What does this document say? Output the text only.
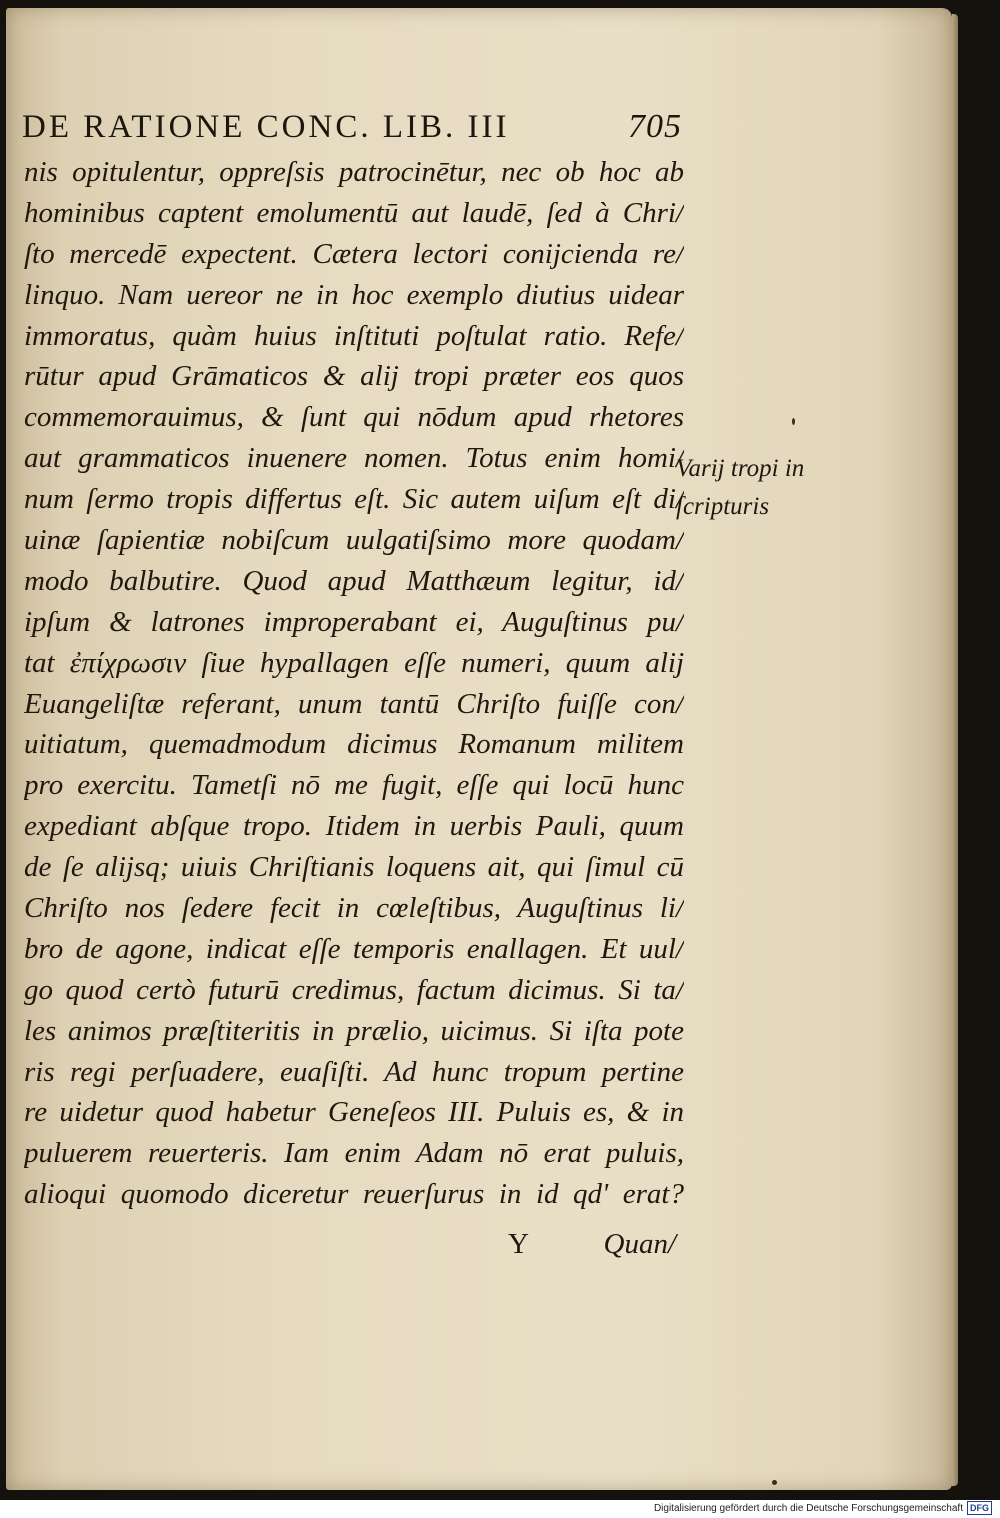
DE RATIONE CONC. LIB. III	705
nis opitulentur, oppreſsis patrocinētur, nec ob hoc ab
hominibus captent emolumentū aut laudē, ſed à Chri/
ſto mercedē expectent. Cætera lectori conijcienda re/
linquo. Nam uereor ne in hoc exemplo diutius uidear
immoratus, quàm huius inſtituti poſtulat ratio. Refe/
rūtur apud Grāmaticos & alij tropi præter eos quos
commemorauimus, & ſunt qui nōdum apud rhetores
aut grammaticos inuenere nomen. Totus enim homi/
num ſermo tropis differtus eſt. Sic autem uiſum eſt di/
uinæ ſapientiæ nobiſcum uulgatiſsimo more quodam/
modo balbutire. Quod apud Matthæum legitur, id/
ipſum & latrones improperabant ei, Auguſtinus pu/
tat ἐπίχρωσιν ſiue hypallagen eſſe numeri, quum alij
Euangeliſtæ referant, unum tantū Chriſto fuiſſe con/
uitiatum, quemadmodum dicimus Romanum militem
pro exercitu. Tametſi nō me fugit, eſſe qui locū hunc
expediant abſque tropo. Itidem in uerbis Pauli, quum
de ſe alijsq; uiuis Chriſtianis loquens ait, qui ſimul cū
Chriſto nos ſedere fecit in cœleſtibus, Auguſtinus li/
bro de agone, indicat eſſe temporis enallagen. Et uul/
go quod certò futurū credimus, factum dicimus. Si ta/
les animos præſtiteritis in prælio, uicimus. Si iſta pote
ris regi perſuadere, euaſiſti. Ad hunc tropum pertine
re uidetur quod habetur Geneſeos III. Puluis es, & in
puluerem reuerteris. Iam enim Adam nō erat puluis,
alioqui quomodo diceretur reuerſurus in id qd' erat?
Varij tropi in
ſcripturis
Y	Quan/
Digitalisierung gefördert durch die Deutsche Forschungsgemeinschaft DFG
